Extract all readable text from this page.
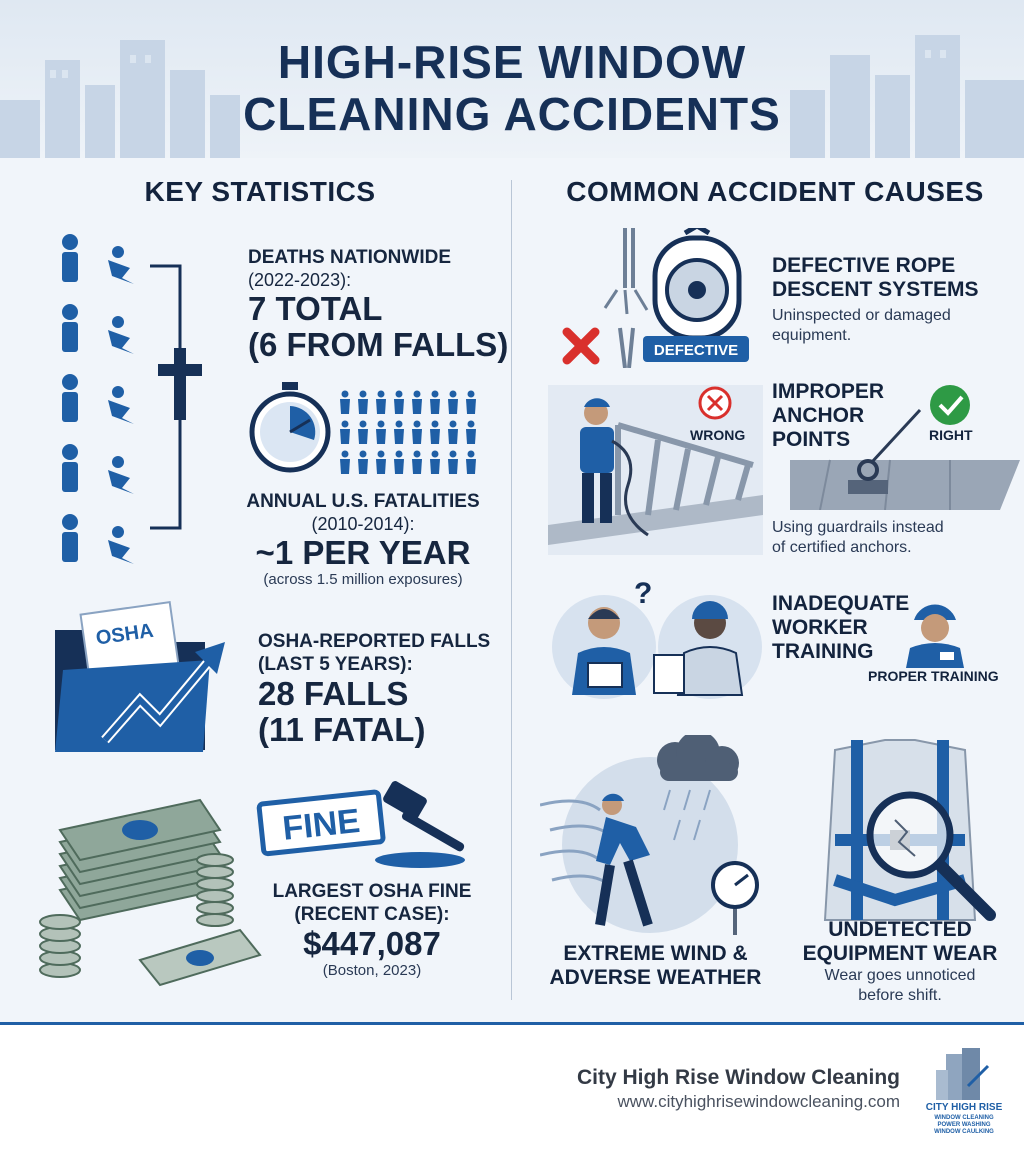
HIGH-RISE WINDOW
CLEANING ACCIDENTS
KEY STATISTICS	COMMON ACCIDENT CAUSES
DEATHS NATIONWIDE
(2022-2023):
7 TOTAL
(6 FROM FALLS)
ANNUAL U.S. FATALITIES
(2010-2014):
~1 PER YEAR
(across 1.5 million exposures)
OSHA	OSHA-REPORTED FALLS
(LAST 5 YEARS):
28 FALLS
(11 FATAL)
FINE
LARGEST OSHA FINE
(RECENT CASE):
$447,087
(Boston, 2023)
DEFECTIVE
DEFECTIVE ROPE
DESCENT SYSTEMS
Uninspected or damaged
equipment.
WRONG
IMPROPER
ANCHOR
POINTS	RIGHT
Using guardrails instead
of certified anchors.
?	INADEQUATE
WORKER
TRAINING
PROPER TRAINING
EXTREME WIND &
ADVERSE WEATHER
UNDETECTED
EQUIPMENT WEAR
Wear goes unnoticed
before shift.
City High Rise Window Cleaning
www.cityhighrisewindowcleaning.com	CITY HIGH RISE
WINDOW CLEANING
POWER WASHING
WINDOW CAULKING
